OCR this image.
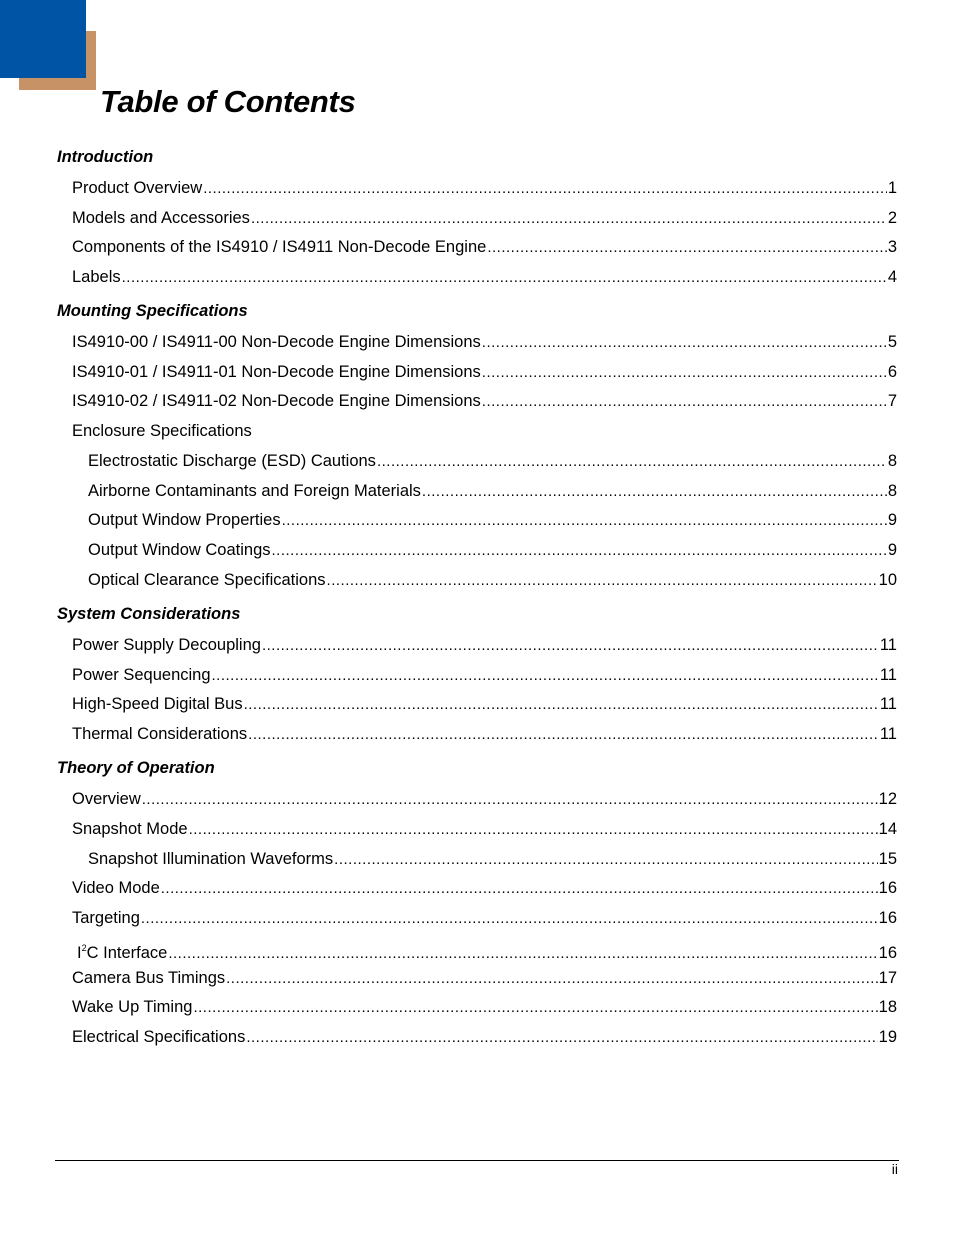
Table of Contents
Introduction
Product Overview .....	1
Models and Accessories .....	2
Components of the IS4910 / IS4911 Non-Decode Engine .....	3
Labels .....	4
Mounting Specifications
IS4910-00 / IS4911-00 Non-Decode Engine Dimensions .....	5
IS4910-01 / IS4911-01 Non-Decode Engine Dimensions .....	6
IS4910-02 / IS4911-02 Non-Decode Engine Dimensions .....	7
Enclosure Specifications
Electrostatic Discharge (ESD) Cautions .....	8
Airborne Contaminants and Foreign Materials .....	8
Output Window Properties .....	9
Output Window Coatings .....	9
Optical Clearance Specifications .....	10
System Considerations
Power Supply Decoupling .....	11
Power Sequencing .....	11
High-Speed Digital Bus .....	11
Thermal Considerations .....	11
Theory of Operation
Overview .....	12
Snapshot Mode .....	14
Snapshot Illumination Waveforms .....	15
Video Mode .....	16
Targeting .....	16
$I^2C$ Interface .....	16
Camera Bus Timings .....	17
Wake Up Timing .....	18
Electrical Specifications .....	19
ii
